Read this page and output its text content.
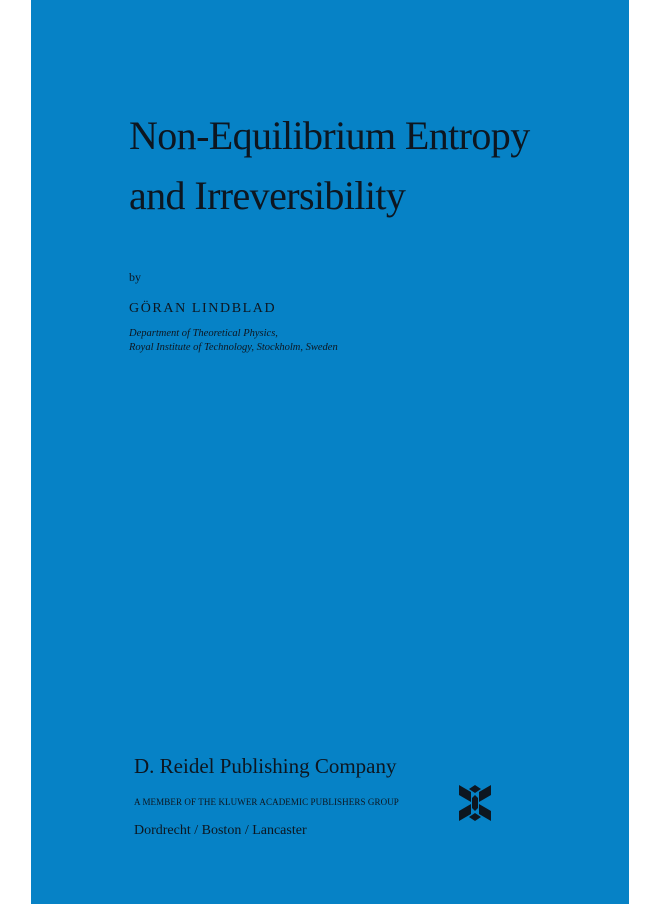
Non-Equilibrium Entropy
and Irreversibility
by
GÖRAN LINDBLAD
Department of Theoretical Physics,
Royal Institute of Technology, Stockholm, Sweden
D. Reidel Publishing Company
A MEMBER OF THE KLUWER ACADEMIC PUBLISHERS GROUP
Dordrecht / Boston / Lancaster
